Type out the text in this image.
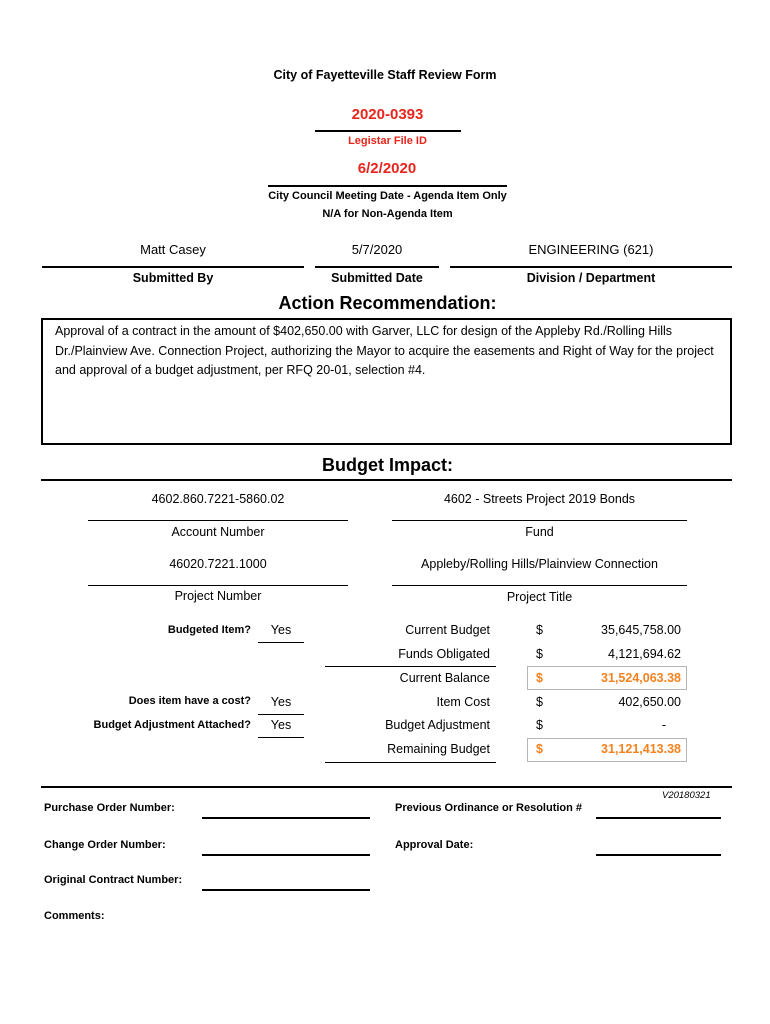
City of Fayetteville Staff Review Form
2020-0393
Legistar File ID
6/2/2020
City Council Meeting Date - Agenda Item Only
N/A for Non-Agenda Item
Matt Casey	5/7/2020	ENGINEERING (621)
Submitted By	Submitted Date	Division / Department
Action Recommendation:
Approval of a contract in the amount of $402,650.00 with Garver, LLC for design of the Appleby Rd./Rolling Hills Dr./Plainview Ave. Connection Project, authorizing the Mayor to acquire the easements and Right of Way for the project and approval of a budget adjustment, per RFQ 20-01, selection #4.
Budget Impact:
4602.860.7221-5860.02	4602 - Streets Project 2019 Bonds
Account Number	Fund
46020.7221.1000	Appleby/Rolling Hills/Plainview Connection
Project Number	Project Title
Budgeted Item?	Yes
Does item have a cost?	Yes
Budget Adjustment Attached?	Yes
Current Budget	$	35,645,758.00
Funds Obligated	$	4,121,694.62
Current Balance	$	31,524,063.38
Item Cost	$	402,650.00
Budget Adjustment	$	-
Remaining Budget	$	31,121,413.38
V20180321
Purchase Order Number:	Previous Ordinance or Resolution #
Change Order Number:	Approval Date:
Original Contract Number:
Comments:
